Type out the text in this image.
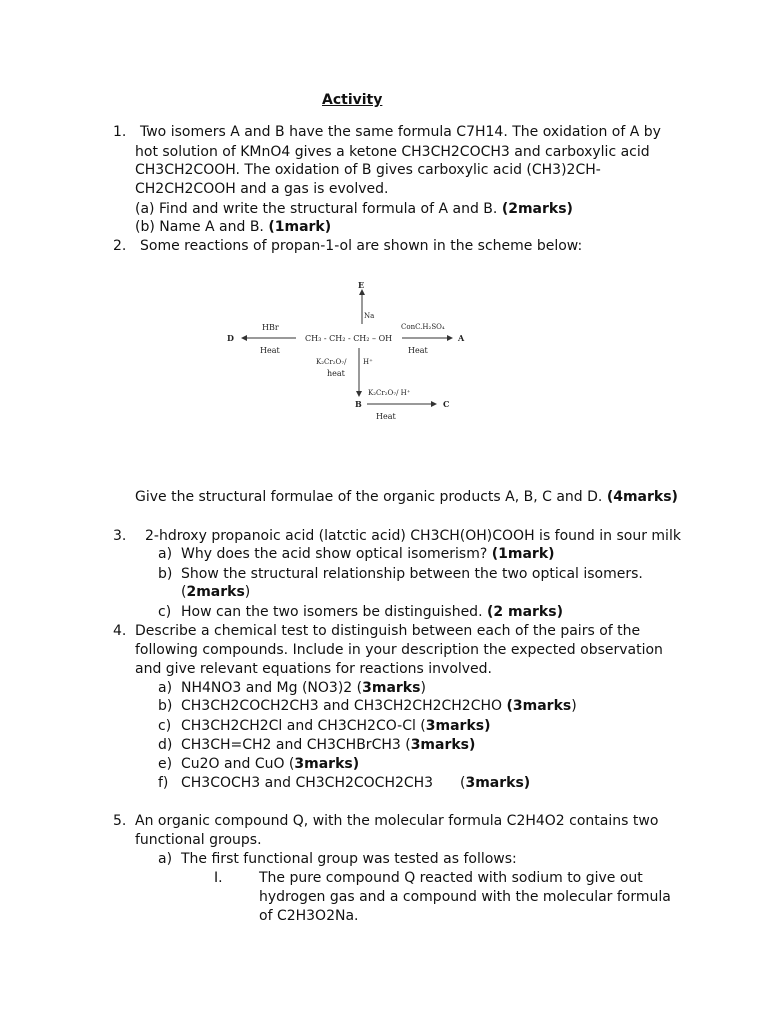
Activity
1. Two isomers A and B have the same formula C7H14. The oxidation of A by
hot solution of KMnO4 gives a ketone CH3CH2COCH3 and carboxylic acid
CH3CH2COOH. The oxidation of B gives carboxylic acid (CH3)2CH-
CH2CH2COOH and a gas is evolved.
(a) Find and write the structural formula of A and B. (2marks)
(b) Name A and B. (1mark)
2. Some reactions of propan-1-ol are shown in the scheme below:
E
Na
D
HBr
Heat
CH₃ - CH₂ - CH₂ – OH	A
ConC.H₂SO₄
Heat
K₂Cr₂O₇/ H⁺
heat
B	C
K₂Cr₂O₇/ H⁺
Heat
Give the structural formulae of the organic products A, B, C and D. (4marks)
3. 2-hdroxy propanoic acid (latctic acid) CH3CH(OH)COOH is found in sour milk
a) Why does the acid show optical isomerism? (1mark)
b) Show the structural relationship between the two optical isomers.
(2marks)
c) How can the two isomers be distinguished. (2 marks)
4. Describe a chemical test to distinguish between each of the pairs of the
following compounds. Include in your description the expected observation
and give relevant equations for reactions involved.
a) NH4NO3 and Mg (NO3)2 (3marks)
b) CH3CH2COCH2CH3 and CH3CH2CH2CH2CHO (3marks)
c) CH3CH2CH2Cl and CH3CH2CO-Cl (3marks)
d) CH3CH=CH2 and CH3CHBrCH3 (3marks)
e) Cu2O and CuO (3marks)
f) CH3COCH3 and CH3CH2COCH2CH3 (3marks)
5. An organic compound Q, with the molecular formula C2H4O2 contains two
functional groups.
a) The first functional group was tested as follows:
I.	The pure compound Q reacted with sodium to give out
hydrogen gas and a compound with the molecular formula
of C2H3O2Na.
